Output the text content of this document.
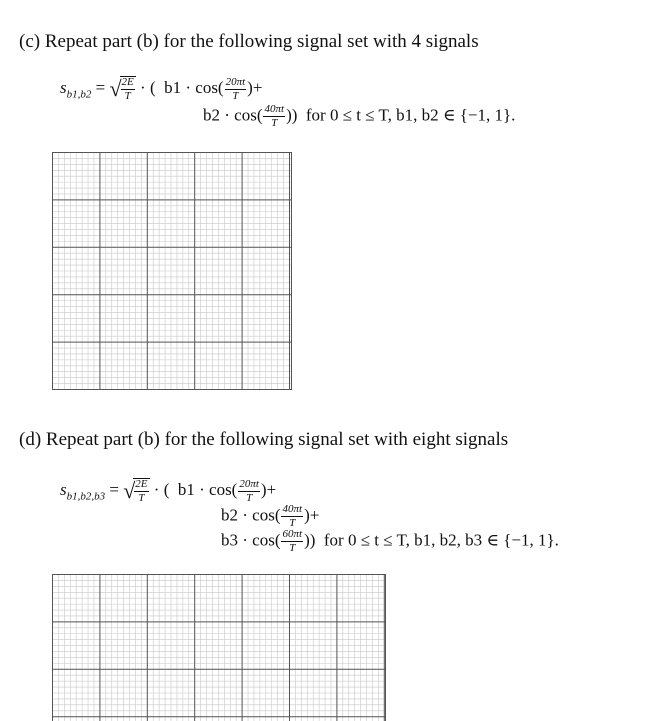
(c) Repeat part (b) for the following signal set with 4 signals
$s_{b1,b2}$ = √ $\frac{2E}{T}$ · (  $b1 \cdot \cos( \frac{20\pi t}{T}$ )+
$b2 \cdot \cos( \frac{40\pi t}{T}$ )) for 0 ≤ t ≤ T, b1, b2 ∈ {−1, 1}.
(d) Repeat part (b) for the following signal set with eight signals
$s_{b1,b2,b3}$ = √ $\frac{2E}{T}$ · (  $b1 \cdot \cos( \frac{20\pi t}{T}$ )+
$b2 \cdot \cos( \frac{40\pi t}{T}$ )+
$b3 \cdot \cos( \frac{60\pi t}{T}$ )) for 0 ≤ t ≤ T, b1, b2, b3 ∈ {−1, 1}.
